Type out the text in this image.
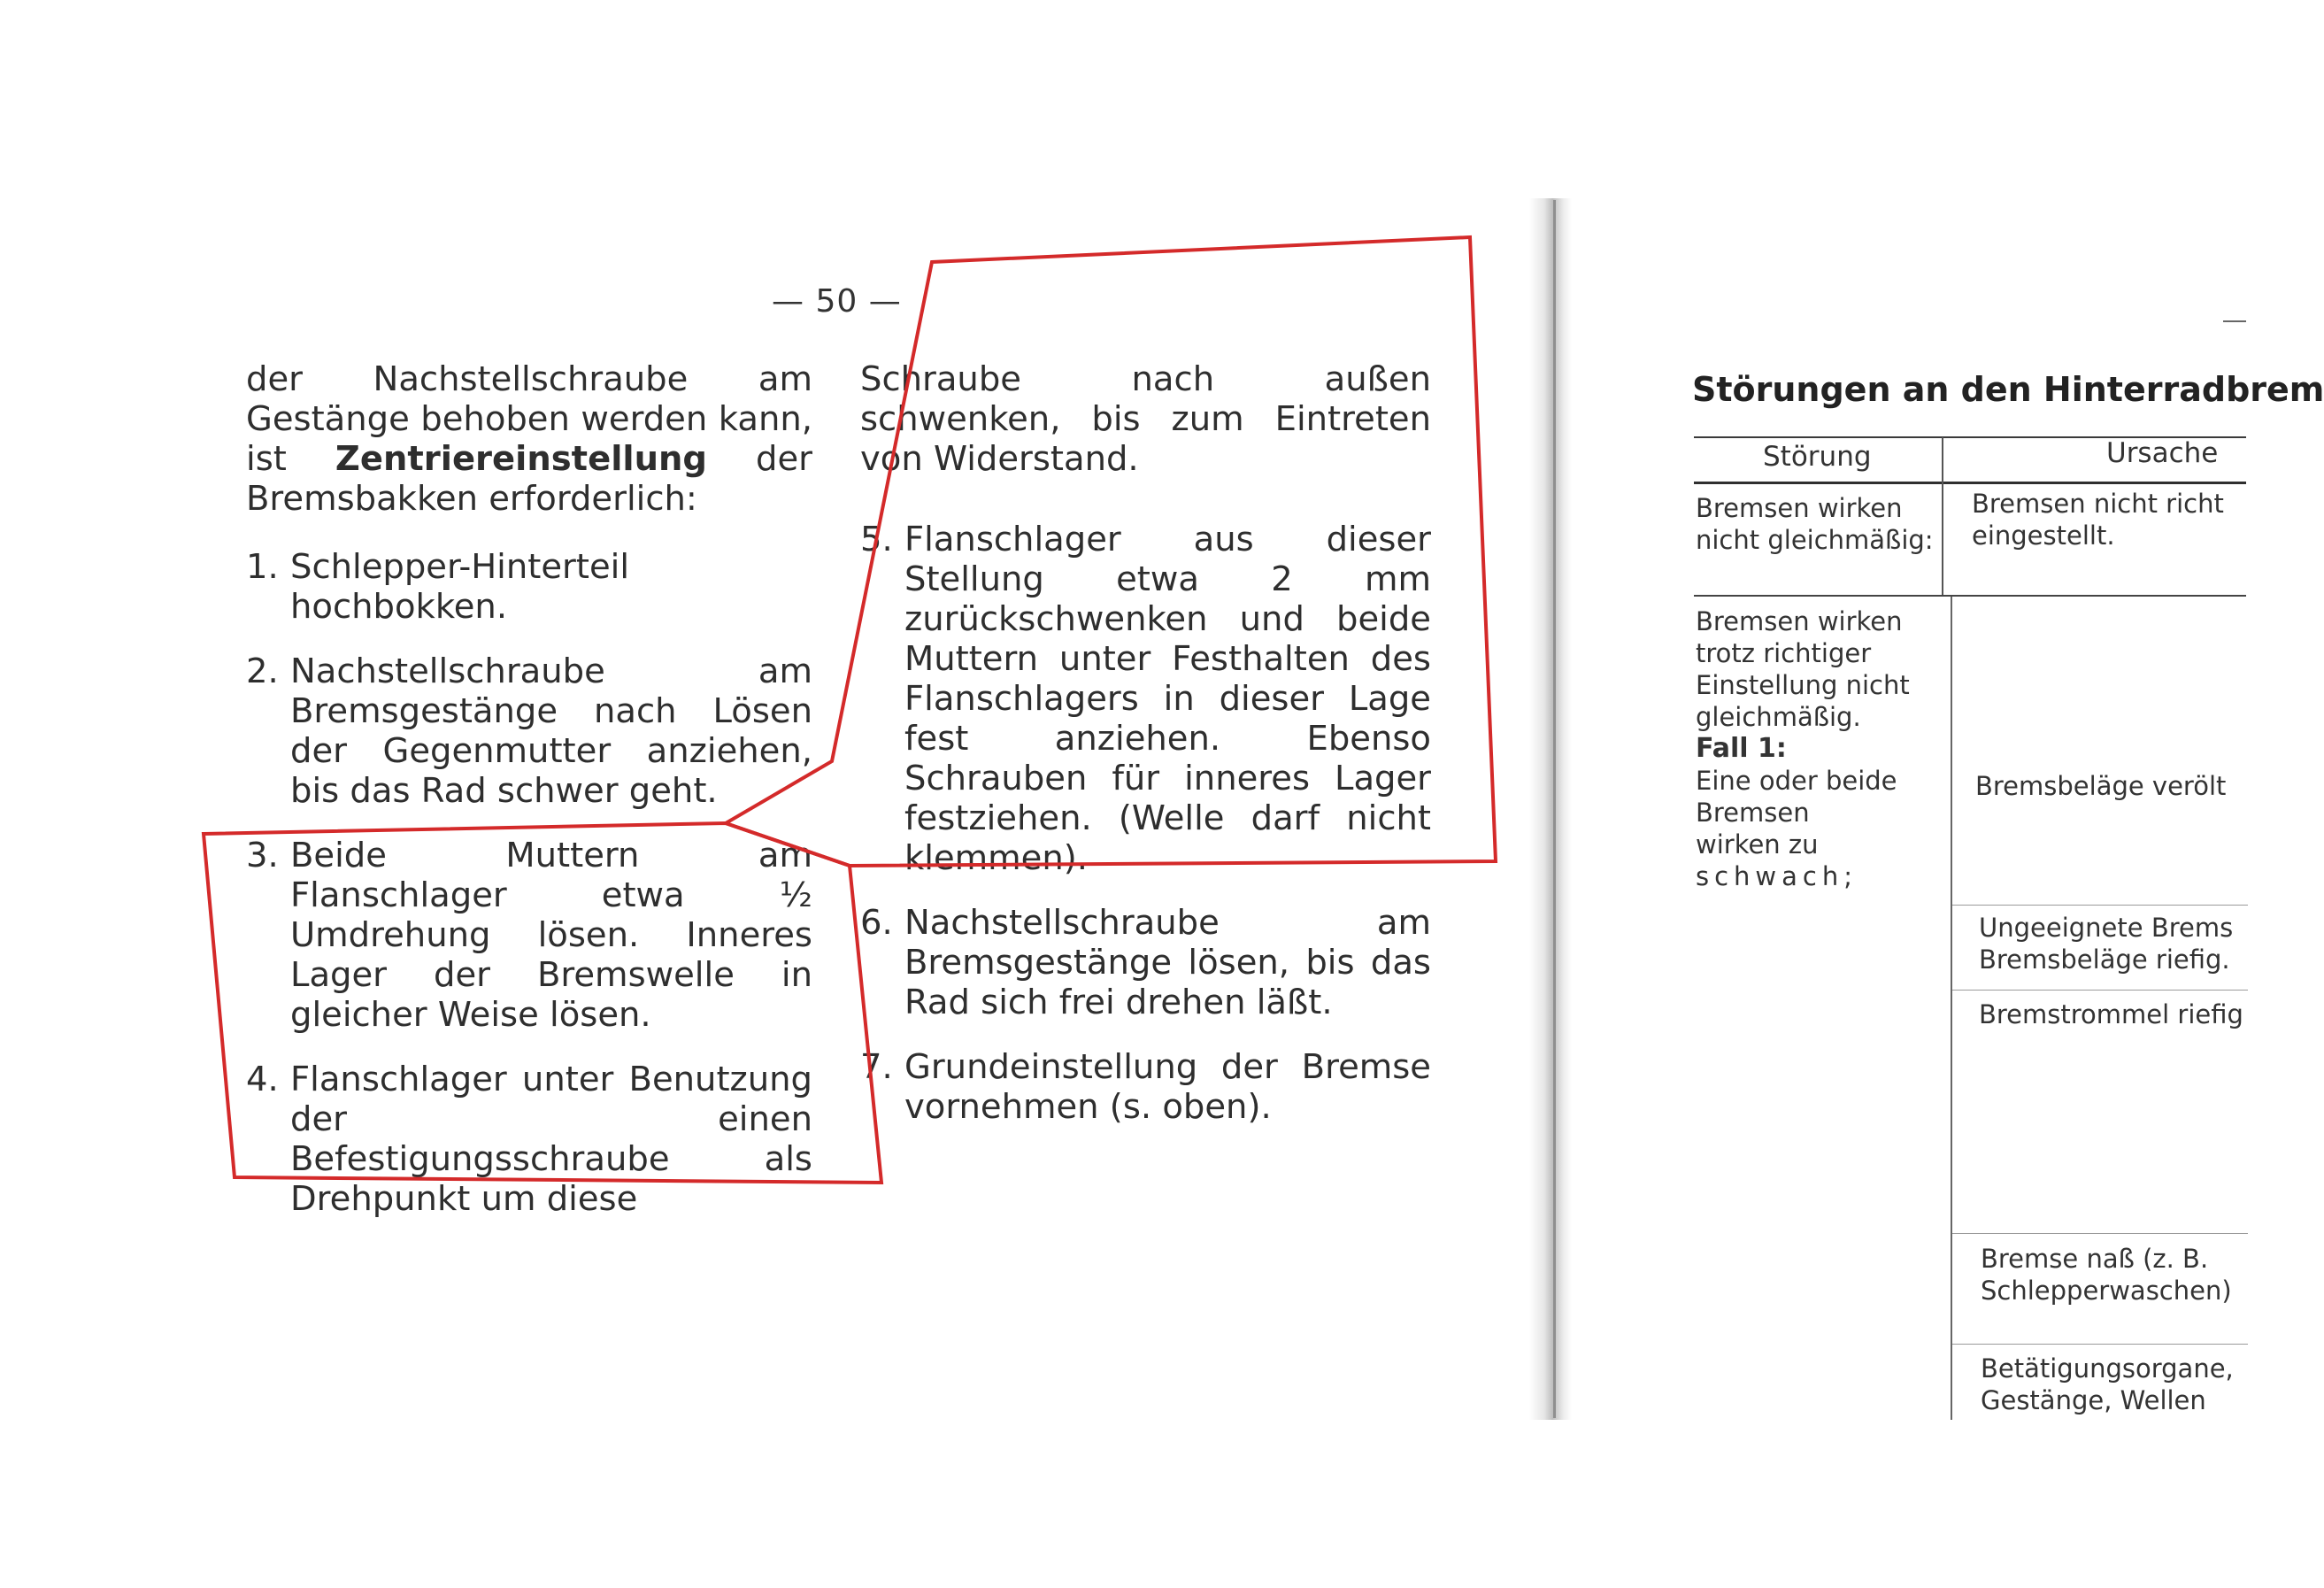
— 50 —

der Nachstellschraube am Gestänge behoben werden kann, ist Zentriereinstellung der Bremsbakken erforderlich:

1. Schlepper-Hinterteil hochbokken.
2. Nachstellschraube am Bremsgestänge nach Lösen der Gegenmutter anziehen, bis das Rad schwer geht.
3. Beide Muttern am Flanschlager etwa ½ Umdrehung lösen. Inneres Lager der Bremswelle in gleicher Weise lösen.
4. Flanschlager unter Benutzung der einen Befestigungsschraube als Drehpunkt um diese

Schraube nach außen schwenken, bis zum Eintreten von Widerstand.

5. Flanschlager aus dieser Stellung etwa 2 mm zurückschwenken und beide Muttern unter Festhalten des Flanschlagers in dieser Lage fest anziehen. Ebenso Schrauben für inneres Lager festziehen. (Welle darf nicht klemmen).
6. Nachstellschraube am Bremsgestänge lösen, bis das Rad sich frei drehen läßt.
7. Grundeinstellung der Bremse vornehmen (s. oben).
Störungen an den Hinterradbrem
Störung	Ursache
Bremsen wirken nicht gleichmäßig:
Bremsen nicht richt eingestellt.
Bremsen wirken trotz richtiger Einstellung nicht gleichmäßig.
Fall 1:
Eine oder beide Bremsen wirken zu
schwach;
Bremsbeläge verölt
Ungeeignete Brems Bremsbeläge riefig.
Bremstrommel riefig
Bremse naß (z. B. Schlepperwaschen)
Betätigungsorgane, Gestänge, Wellen
